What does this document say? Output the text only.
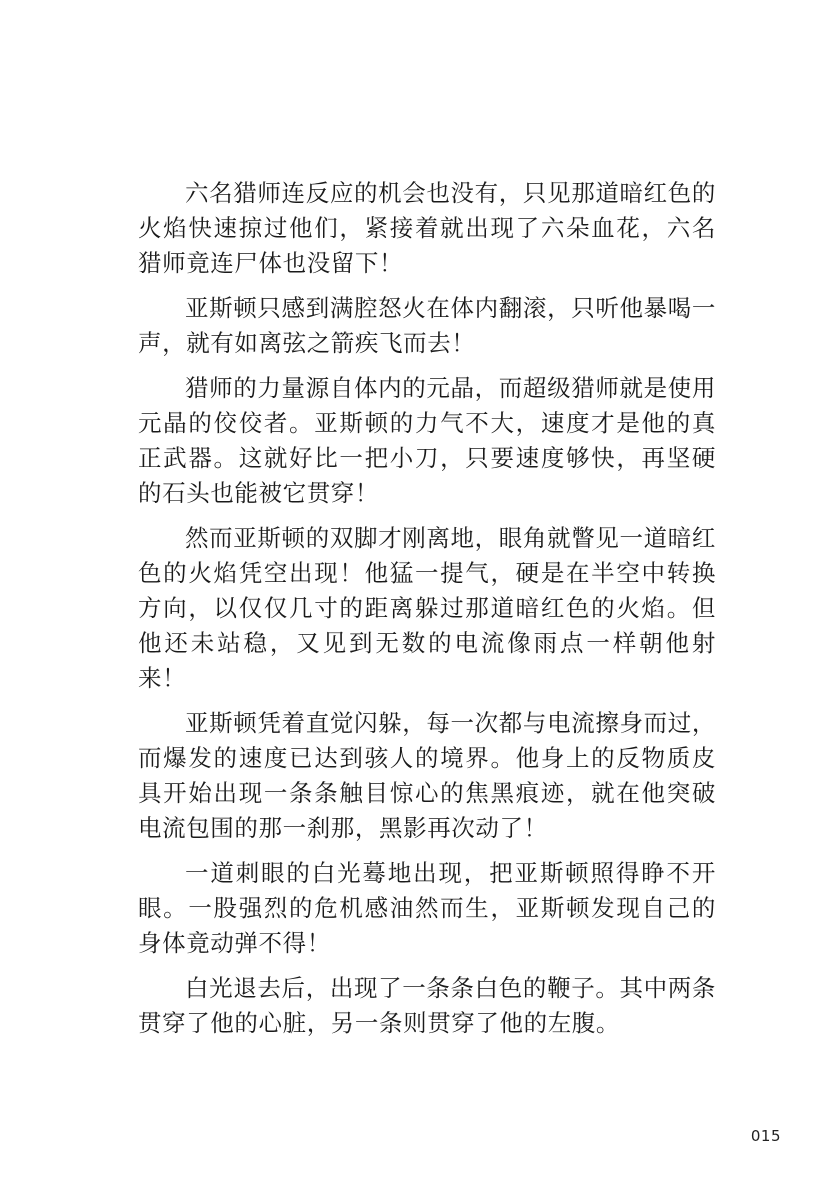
六名猎师连反应的机会也没有，只见那道暗红色的火焰快速掠过他们，紧接着就出现了六朵血花，六名猎师竟连尸体也没留下！

亚斯顿只感到满腔怒火在体内翻滚，只听他暴喝一声，就有如离弦之箭疾飞而去！

猎师的力量源自体内的元晶，而超级猎师就是使用元晶的佼佼者。亚斯顿的力气不大，速度才是他的真正武器。这就好比一把小刀，只要速度够快，再坚硬的石头也能被它贯穿！

然而亚斯顿的双脚才刚离地，眼角就瞥见一道暗红色的火焰凭空出现！他猛一提气，硬是在半空中转换方向，以仅仅几寸的距离躲过那道暗红色的火焰。但他还未站稳，又见到无数的电流像雨点一样朝他射来！

亚斯顿凭着直觉闪躲，每一次都与电流擦身而过，而爆发的速度已达到骇人的境界。他身上的反物质皮具开始出现一条条触目惊心的焦黑痕迹，就在他突破电流包围的那一刹那，黑影再次动了！

一道刺眼的白光蓦地出现，把亚斯顿照得睁不开眼。一股强烈的危机感油然而生，亚斯顿发现自己的身体竟动弹不得！

白光退去后，出现了一条条白色的鞭子。其中两条贯穿了他的心脏，另一条则贯穿了他的左腹。

015
